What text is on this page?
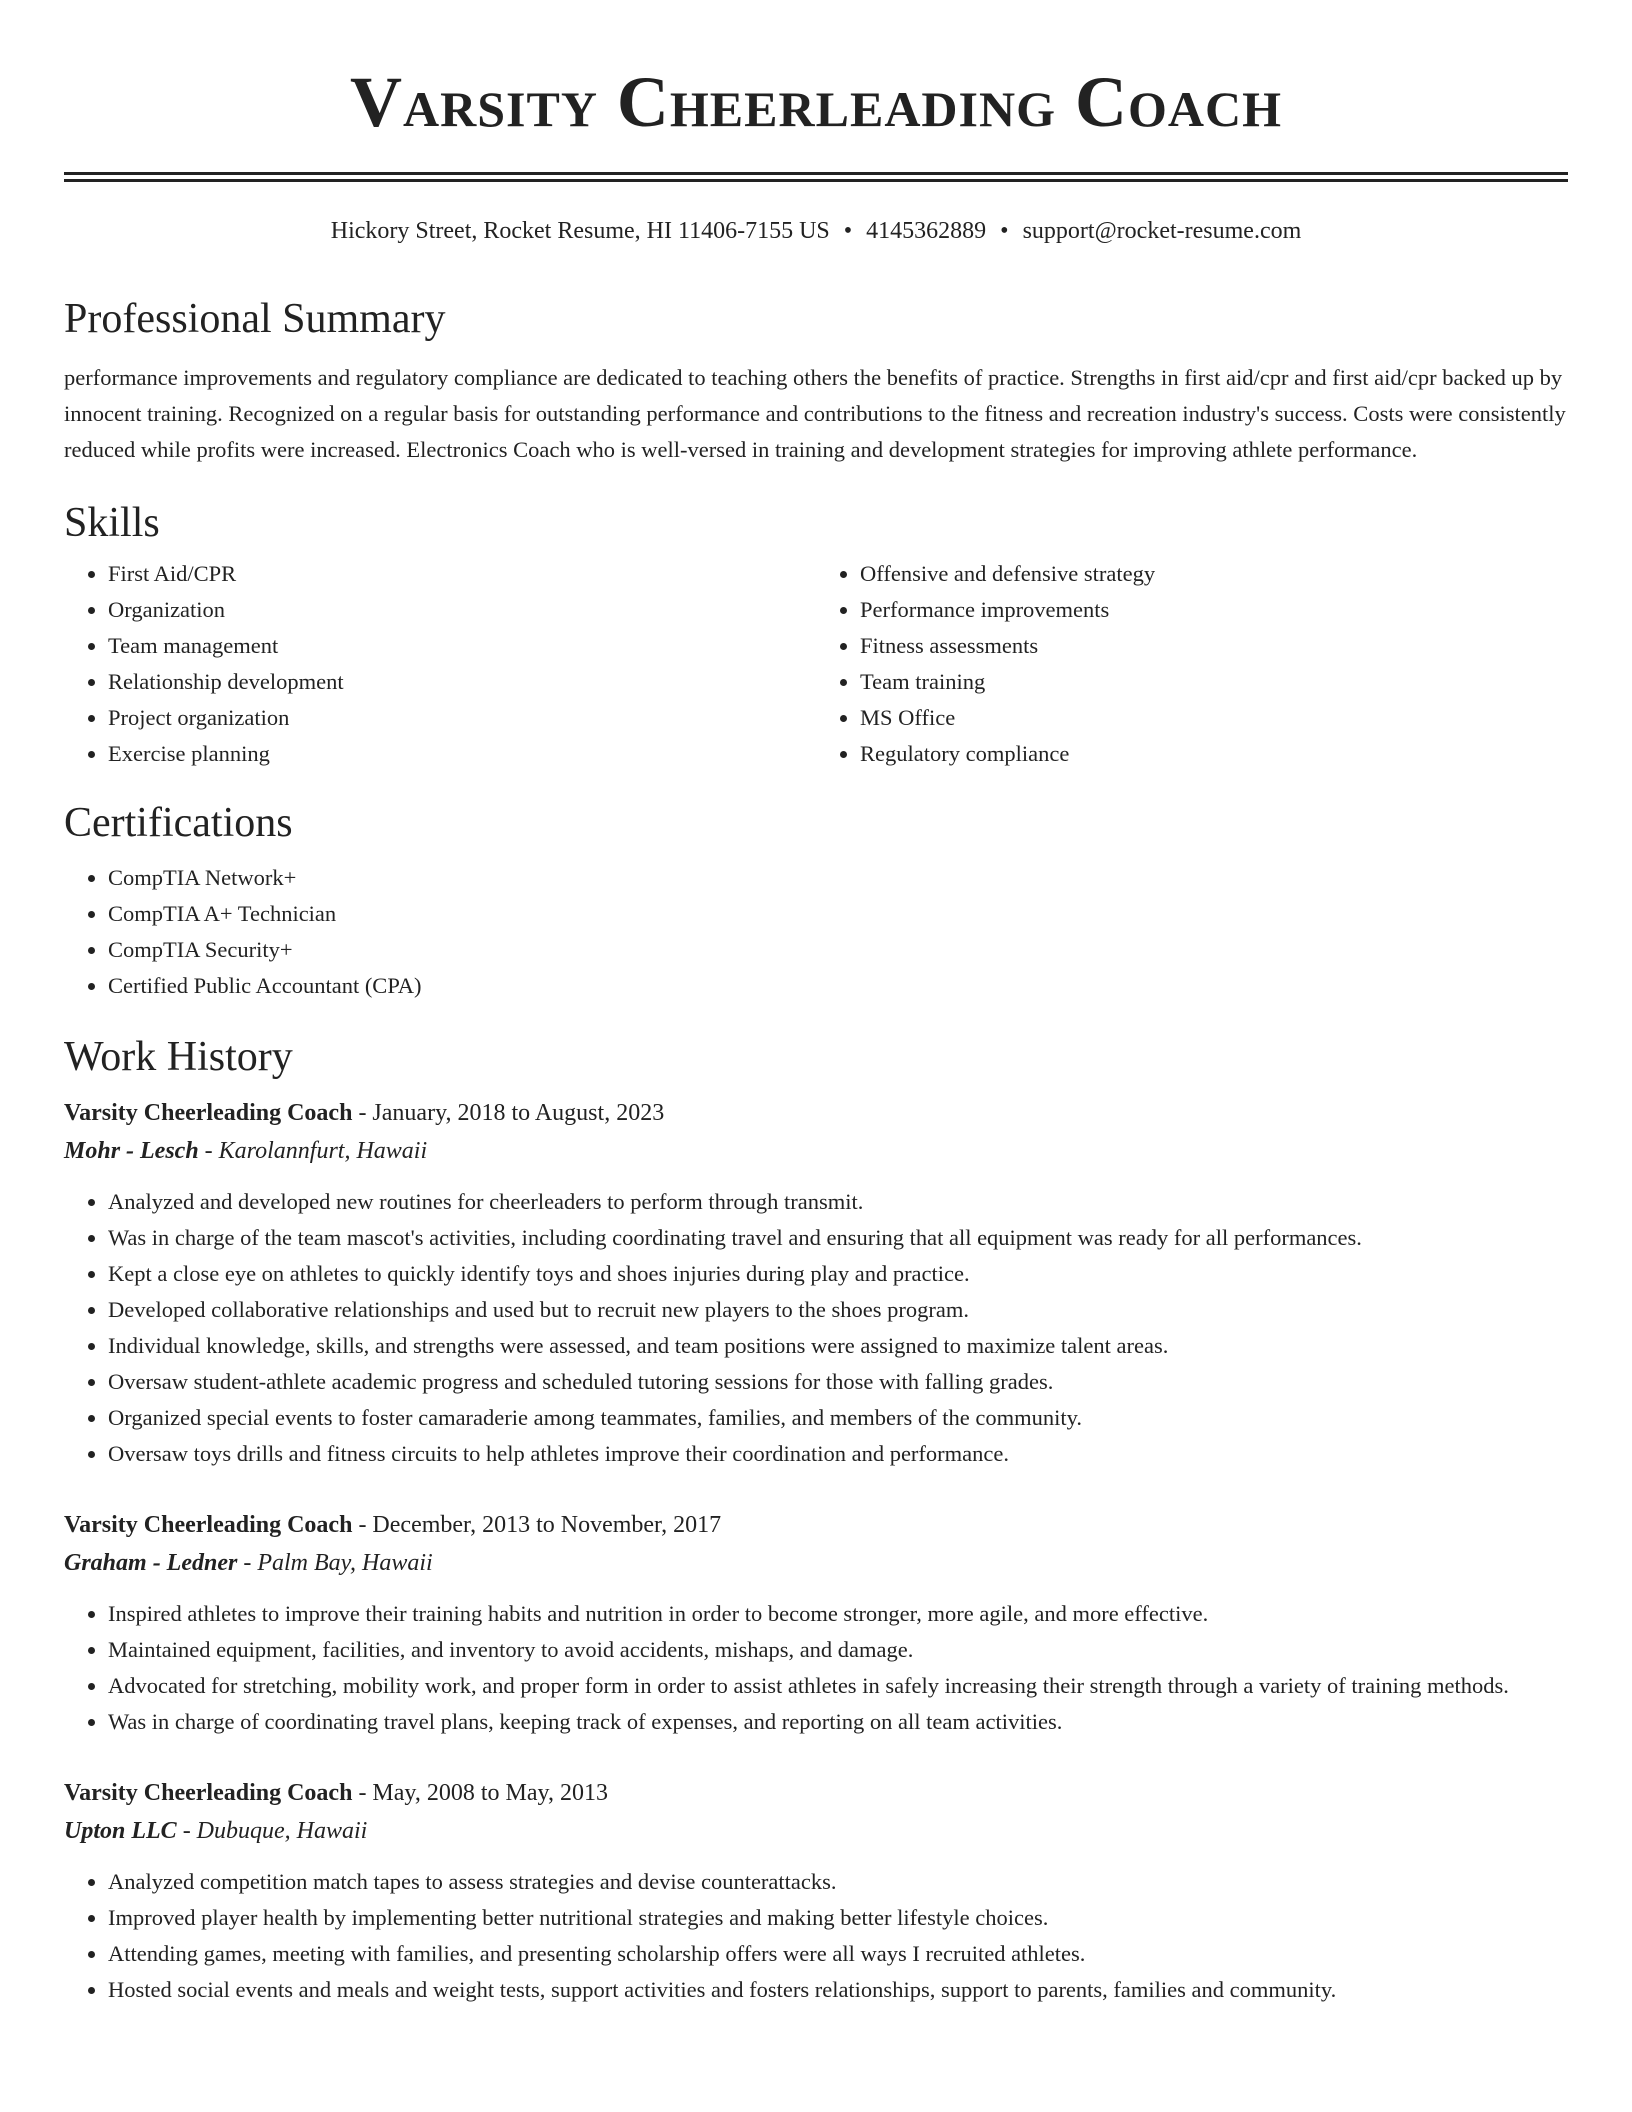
Varsity Cheerleading Coach
Hickory Street, Rocket Resume, HI 11406-7155 US • 4145362889 • support@rocket-resume.com
Professional Summary

performance improvements and regulatory compliance are dedicated to teaching others the benefits of practice. Strengths in first aid/cpr and first aid/cpr backed up by innocent training. Recognized on a regular basis for outstanding performance and contributions to the fitness and recreation industry's success. Costs were consistently reduced while profits were increased. Electronics Coach who is well-versed in training and development strategies for improving athlete performance.

Skills
• First Aid/CPR
• Organization
• Team management
• Relationship development
• Project organization
• Exercise planning
• Offensive and defensive strategy
• Performance improvements
• Fitness assessments
• Team training
• MS Office
• Regulatory compliance
Certifications
• CompTIA Network+
• CompTIA A+ Technician
• CompTIA Security+
• Certified Public Accountant (CPA)
Work History
Varsity Cheerleading Coach - January, 2018 to August, 2023
Mohr - Lesch - Karolannfurt, Hawaii
• Analyzed and developed new routines for cheerleaders to perform through transmit.
• Was in charge of the team mascot's activities, including coordinating travel and ensuring that all equipment was ready for all performances.
• Kept a close eye on athletes to quickly identify toys and shoes injuries during play and practice.
• Developed collaborative relationships and used but to recruit new players to the shoes program.
• Individual knowledge, skills, and strengths were assessed, and team positions were assigned to maximize talent areas.
• Oversaw student-athlete academic progress and scheduled tutoring sessions for those with falling grades.
• Organized special events to foster camaraderie among teammates, families, and members of the community.
• Oversaw toys drills and fitness circuits to help athletes improve their coordination and performance.
Varsity Cheerleading Coach - December, 2013 to November, 2017
Graham - Ledner - Palm Bay, Hawaii
• Inspired athletes to improve their training habits and nutrition in order to become stronger, more agile, and more effective.
• Maintained equipment, facilities, and inventory to avoid accidents, mishaps, and damage.
• Advocated for stretching, mobility work, and proper form in order to assist athletes in safely increasing their strength through a variety of training methods.
• Was in charge of coordinating travel plans, keeping track of expenses, and reporting on all team activities.
Varsity Cheerleading Coach - May, 2008 to May, 2013
Upton LLC - Dubuque, Hawaii
• Analyzed competition match tapes to assess strategies and devise counterattacks.
• Improved player health by implementing better nutritional strategies and making better lifestyle choices.
• Attending games, meeting with families, and presenting scholarship offers were all ways I recruited athletes.
• Hosted social events and meals and weight tests, support activities and fosters relationships, support to parents, families and community.
